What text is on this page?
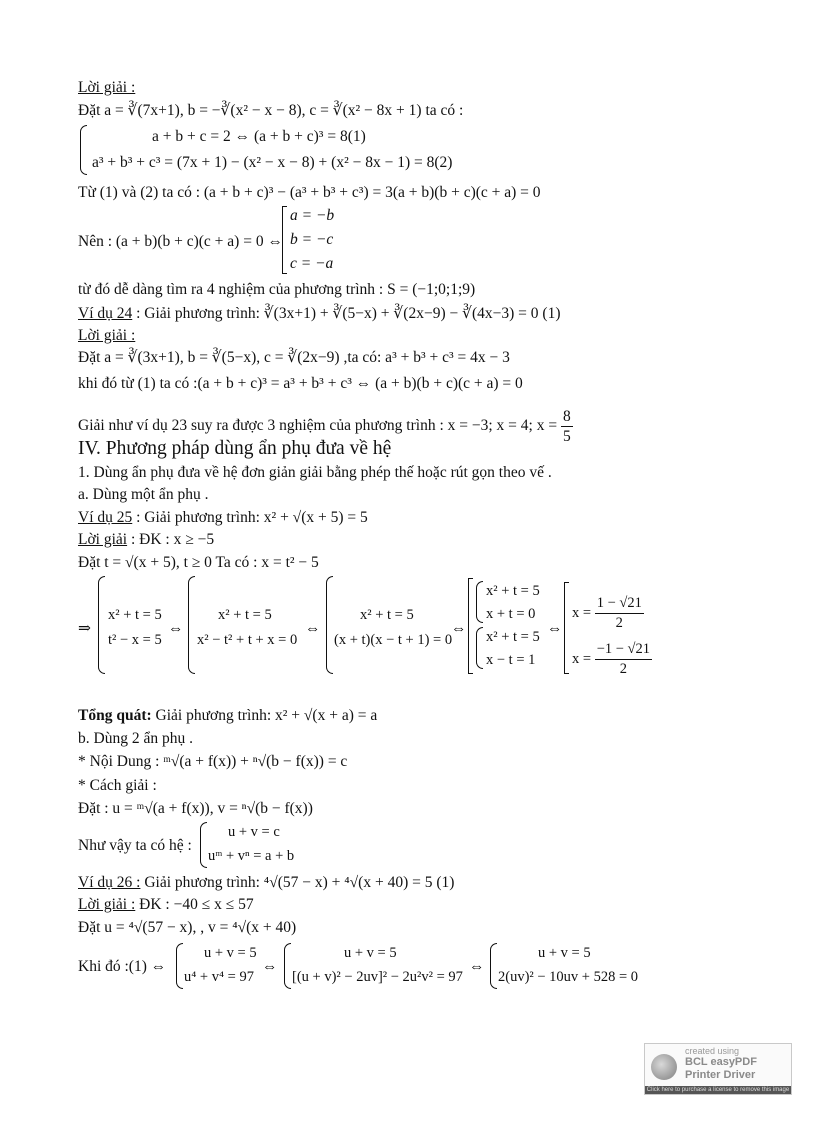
Lời giải :
Đặt a = ∛(7x+1), b = −∛(x² − x − 8), c = ∛(x² − 8x + 1) ta có :
a + b + c = 2 ⇔ (a + b + c)³ = 8(1)
a³ + b³ + c³ = (7x + 1) − (x² − x − 8) + (x² − 8x − 1) = 8(2)
Từ (1) và (2) ta có : (a + b + c)³ − (a³ + b³ + c³) = 3(a + b)(b + c)(c + a) = 0
Nên : (a + b)(b + c)(c + a) = 0 ⇔
a = −b
b = −c
c = −a
từ đó dễ dàng tìm ra 4 nghiệm của phương trình : S = (−1;0;1;9)
Ví dụ 24 : Giải phương trình: ∛(3x+1) + ∛(5−x) + ∛(2x−9) − ∛(4x−3) = 0 (1)
Lời giải :
Đặt a = ∛(3x+1), b = ∛(5−x), c = ∛(2x−9) ,ta có: a³ + b³ + c³ = 4x − 3
khi đó từ (1) ta có :(a + b + c)³ = a³ + b³ + c³ ⇔ (a + b)(b + c)(c + a) = 0
Giải như ví dụ 23 suy ra được 3 nghiệm của phương trình : x = −3; x = 4; $x = \frac{8}{5}$
IV. Phương pháp dùng ẩn phụ đưa về hệ
1. Dùng ẩn phụ đưa về hệ đơn giản giải bằng phép thế hoặc rút gọn theo vế .
a. Dùng một ẩn phụ .
Ví dụ 25 : Giải phương trình: x² + √(x + 5) = 5
Lời giải : ĐK : x ≥ −5
Đặt t = √(x + 5), t ≥ 0 Ta có : x = t² − 5
⇒
x² + t = 5
t² − x = 5
⇔
x² + t = 5
x² − t² + t + x = 0
⇔
x² + t = 5
(x + t)(x − t + 1) = 0
⇔
x² + t = 5
x + t = 0
x² + t = 5
x − t = 1
⇔
$x = \frac{1 - √21}{2}$
$x = \frac{-1 - √21}{2}$
Tổng quát: Giải phương trình: x² + √(x + a) = a
b. Dùng 2 ẩn phụ .
* Nội Dung : ᵐ√(a + f(x)) + ⁿ√(b − f(x)) = c
* Cách giải :
Đặt : u = ᵐ√(a + f(x)), v = ⁿ√(b − f(x))
Như vậy ta có hệ :
u + v = c
uᵐ + vⁿ = a + b
Ví dụ 26 : Giải phương trình: ⁴√(57 − x) + ⁴√(x + 40) = 5 (1)
Lời giải : ĐK : −40 ≤ x ≤ 57
Đặt u = ⁴√(57 − x), , v = ⁴√(x + 40)
Khi đó :(1) ⇔
u + v = 5
u⁴ + v⁴ = 97
⇔
u + v = 5
[(u + v)² − 2uv]² − 2u²v² = 97
⇔
u + v = 5
2(uv)² − 10uv + 528 = 0
created using
BCL easyPDF
Printer Driver
Click here to purchase a license to remove this image
